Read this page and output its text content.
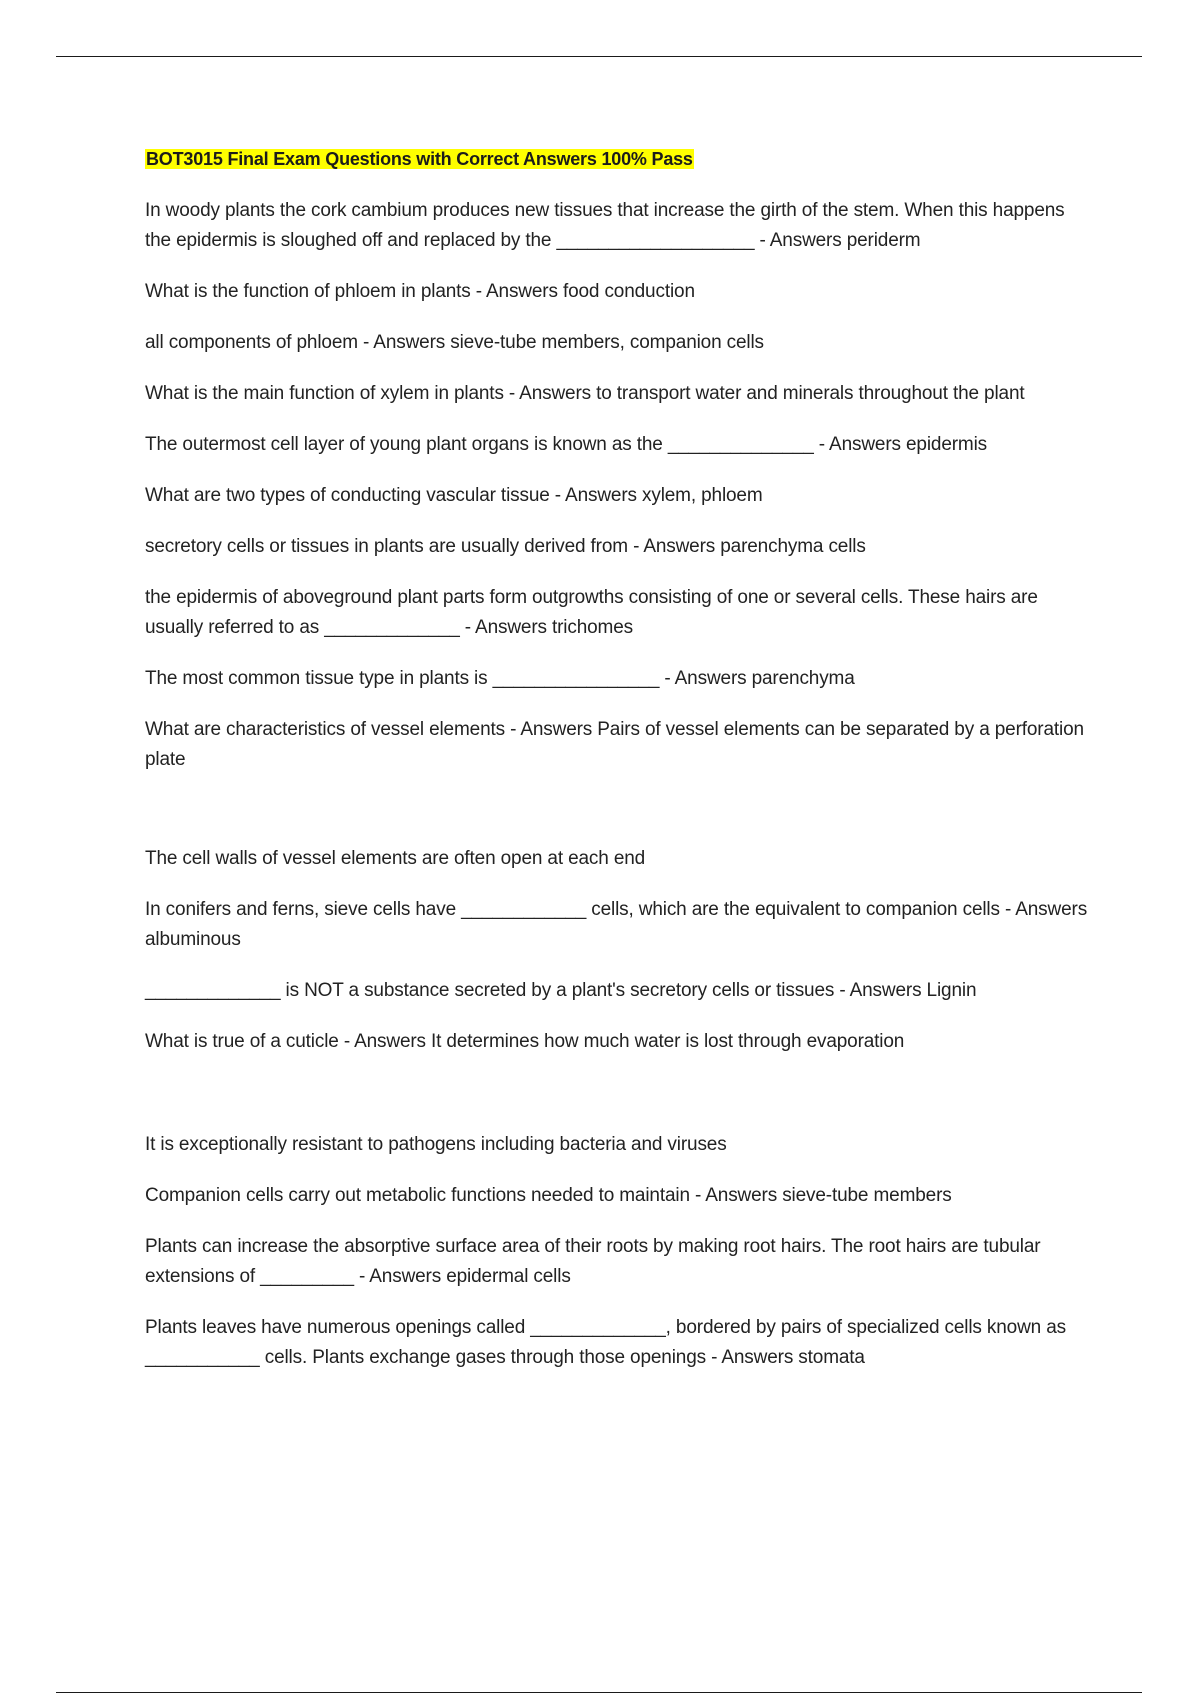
BOT3015 Final Exam Questions with Correct Answers 100% Pass

In woody plants the cork cambium produces new tissues that increase the girth of the stem. When this happens the epidermis is sloughed off and replaced by the ___________________ - Answers periderm

What is the function of phloem in plants - Answers food conduction

all components of phloem - Answers sieve-tube members, companion cells

What is the main function of xylem in plants - Answers to transport water and minerals throughout the plant

The outermost cell layer of young plant organs is known as the ______________ - Answers epidermis

What are two types of conducting vascular tissue - Answers xylem, phloem

secretory cells or tissues in plants are usually derived from - Answers parenchyma cells

the epidermis of aboveground plant parts form outgrowths consisting of one or several cells. These hairs are usually referred to as _____________ - Answers trichomes

The most common tissue type in plants is ________________ - Answers parenchyma

What are characteristics of vessel elements - Answers Pairs of vessel elements can be separated by a perforation plate

The cell walls of vessel elements are often open at each end

In conifers and ferns, sieve cells have ____________ cells, which are the equivalent to companion cells - Answers albuminous

_____________ is NOT a substance secreted by a plant's secretory cells or tissues - Answers Lignin

What is true of a cuticle - Answers It determines how much water is lost through evaporation

It is exceptionally resistant to pathogens including bacteria and viruses

Companion cells carry out metabolic functions needed to maintain - Answers sieve-tube members

Plants can increase the absorptive surface area of their roots by making root hairs. The root hairs are tubular extensions of _________ - Answers epidermal cells

Plants leaves have numerous openings called _____________, bordered by pairs of specialized cells known as ___________ cells. Plants exchange gases through those openings - Answers stomata
